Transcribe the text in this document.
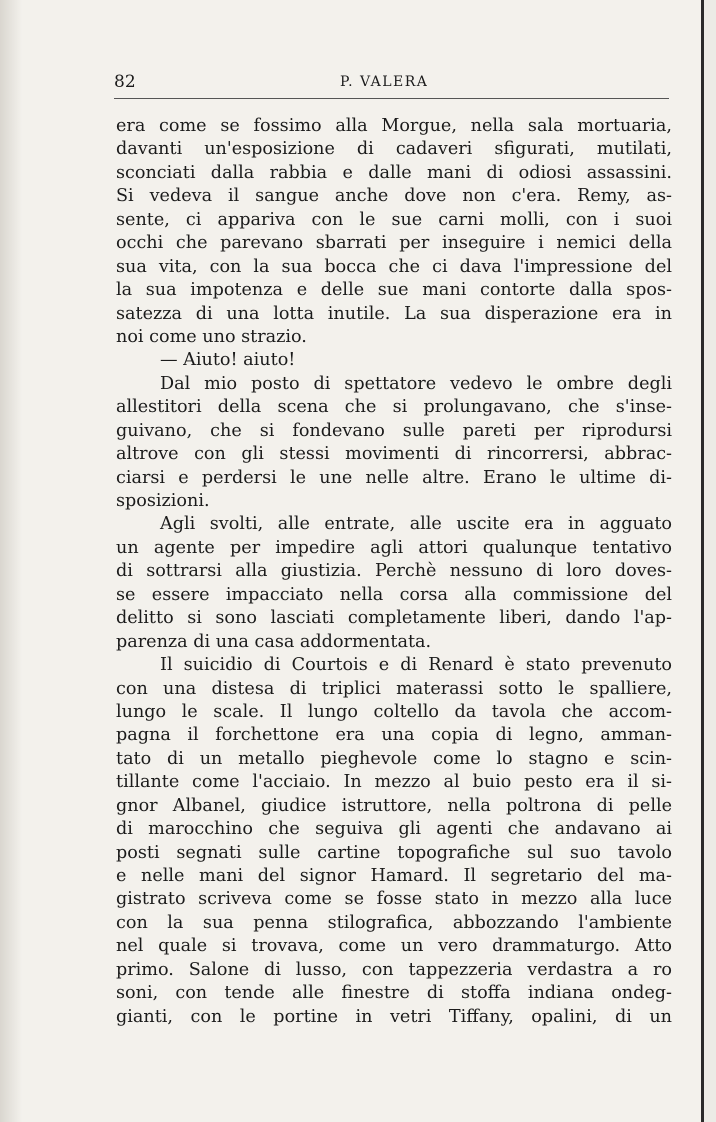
82	P. VALERA
era come se fossimo alla Morgue, nella sala mortuaria,
davanti un'esposizione di cadaveri sfigurati, mutilati,
sconciati dalla rabbia e dalle mani di odiosi assassini.
Si vedeva il sangue anche dove non c'era. Remy, as-
sente, ci appariva con le sue carni molli, con i suoi
occhi che parevano sbarrati per inseguire i nemici della
sua vita, con la sua bocca che ci dava l'impressione del
la sua impotenza e delle sue mani contorte dalla spos-
satezza di una lotta inutile. La sua disperazione era in
noi come uno strazio.
— Aiuto! aiuto!
Dal mio posto di spettatore vedevo le ombre degli
allestitori della scena che si prolungavano, che s'inse-
guivano, che si fondevano sulle pareti per riprodursi
altrove con gli stessi movimenti di rincorrersi, abbrac-
ciarsi e perdersi le une nelle altre. Erano le ultime di-
sposizioni.
Agli svolti, alle entrate, alle uscite era in agguato
un agente per impedire agli attori qualunque tentativo
di sottrarsi alla giustizia. Perchè nessuno di loro doves-
se essere impacciato nella corsa alla commissione del
delitto si sono lasciati completamente liberi, dando l'ap-
parenza di una casa addormentata.
Il suicidio di Courtois e di Renard è stato prevenuto
con una distesa di triplici materassi sotto le spalliere,
lungo le scale. Il lungo coltello da tavola che accom-
pagna il forchettone era una copia di legno, amman-
tato di un metallo pieghevole come lo stagno e scin-
tillante come l'acciaio. In mezzo al buio pesto era il si-
gnor Albanel, giudice istruttore, nella poltrona di pelle
di marocchino che seguiva gli agenti che andavano ai
posti segnati sulle cartine topografiche sul suo tavolo
e nelle mani del signor Hamard. Il segretario del ma-
gistrato scriveva come se fosse stato in mezzo alla luce
con la sua penna stilografica, abbozzando l'ambiente
nel quale si trovava, come un vero drammaturgo. Atto
primo. Salone di lusso, con tappezzeria verdastra a ro
soni, con tende alle finestre di stoffa indiana ondeg-
gianti, con le portine in vetri Tiffany, opalini, di un
